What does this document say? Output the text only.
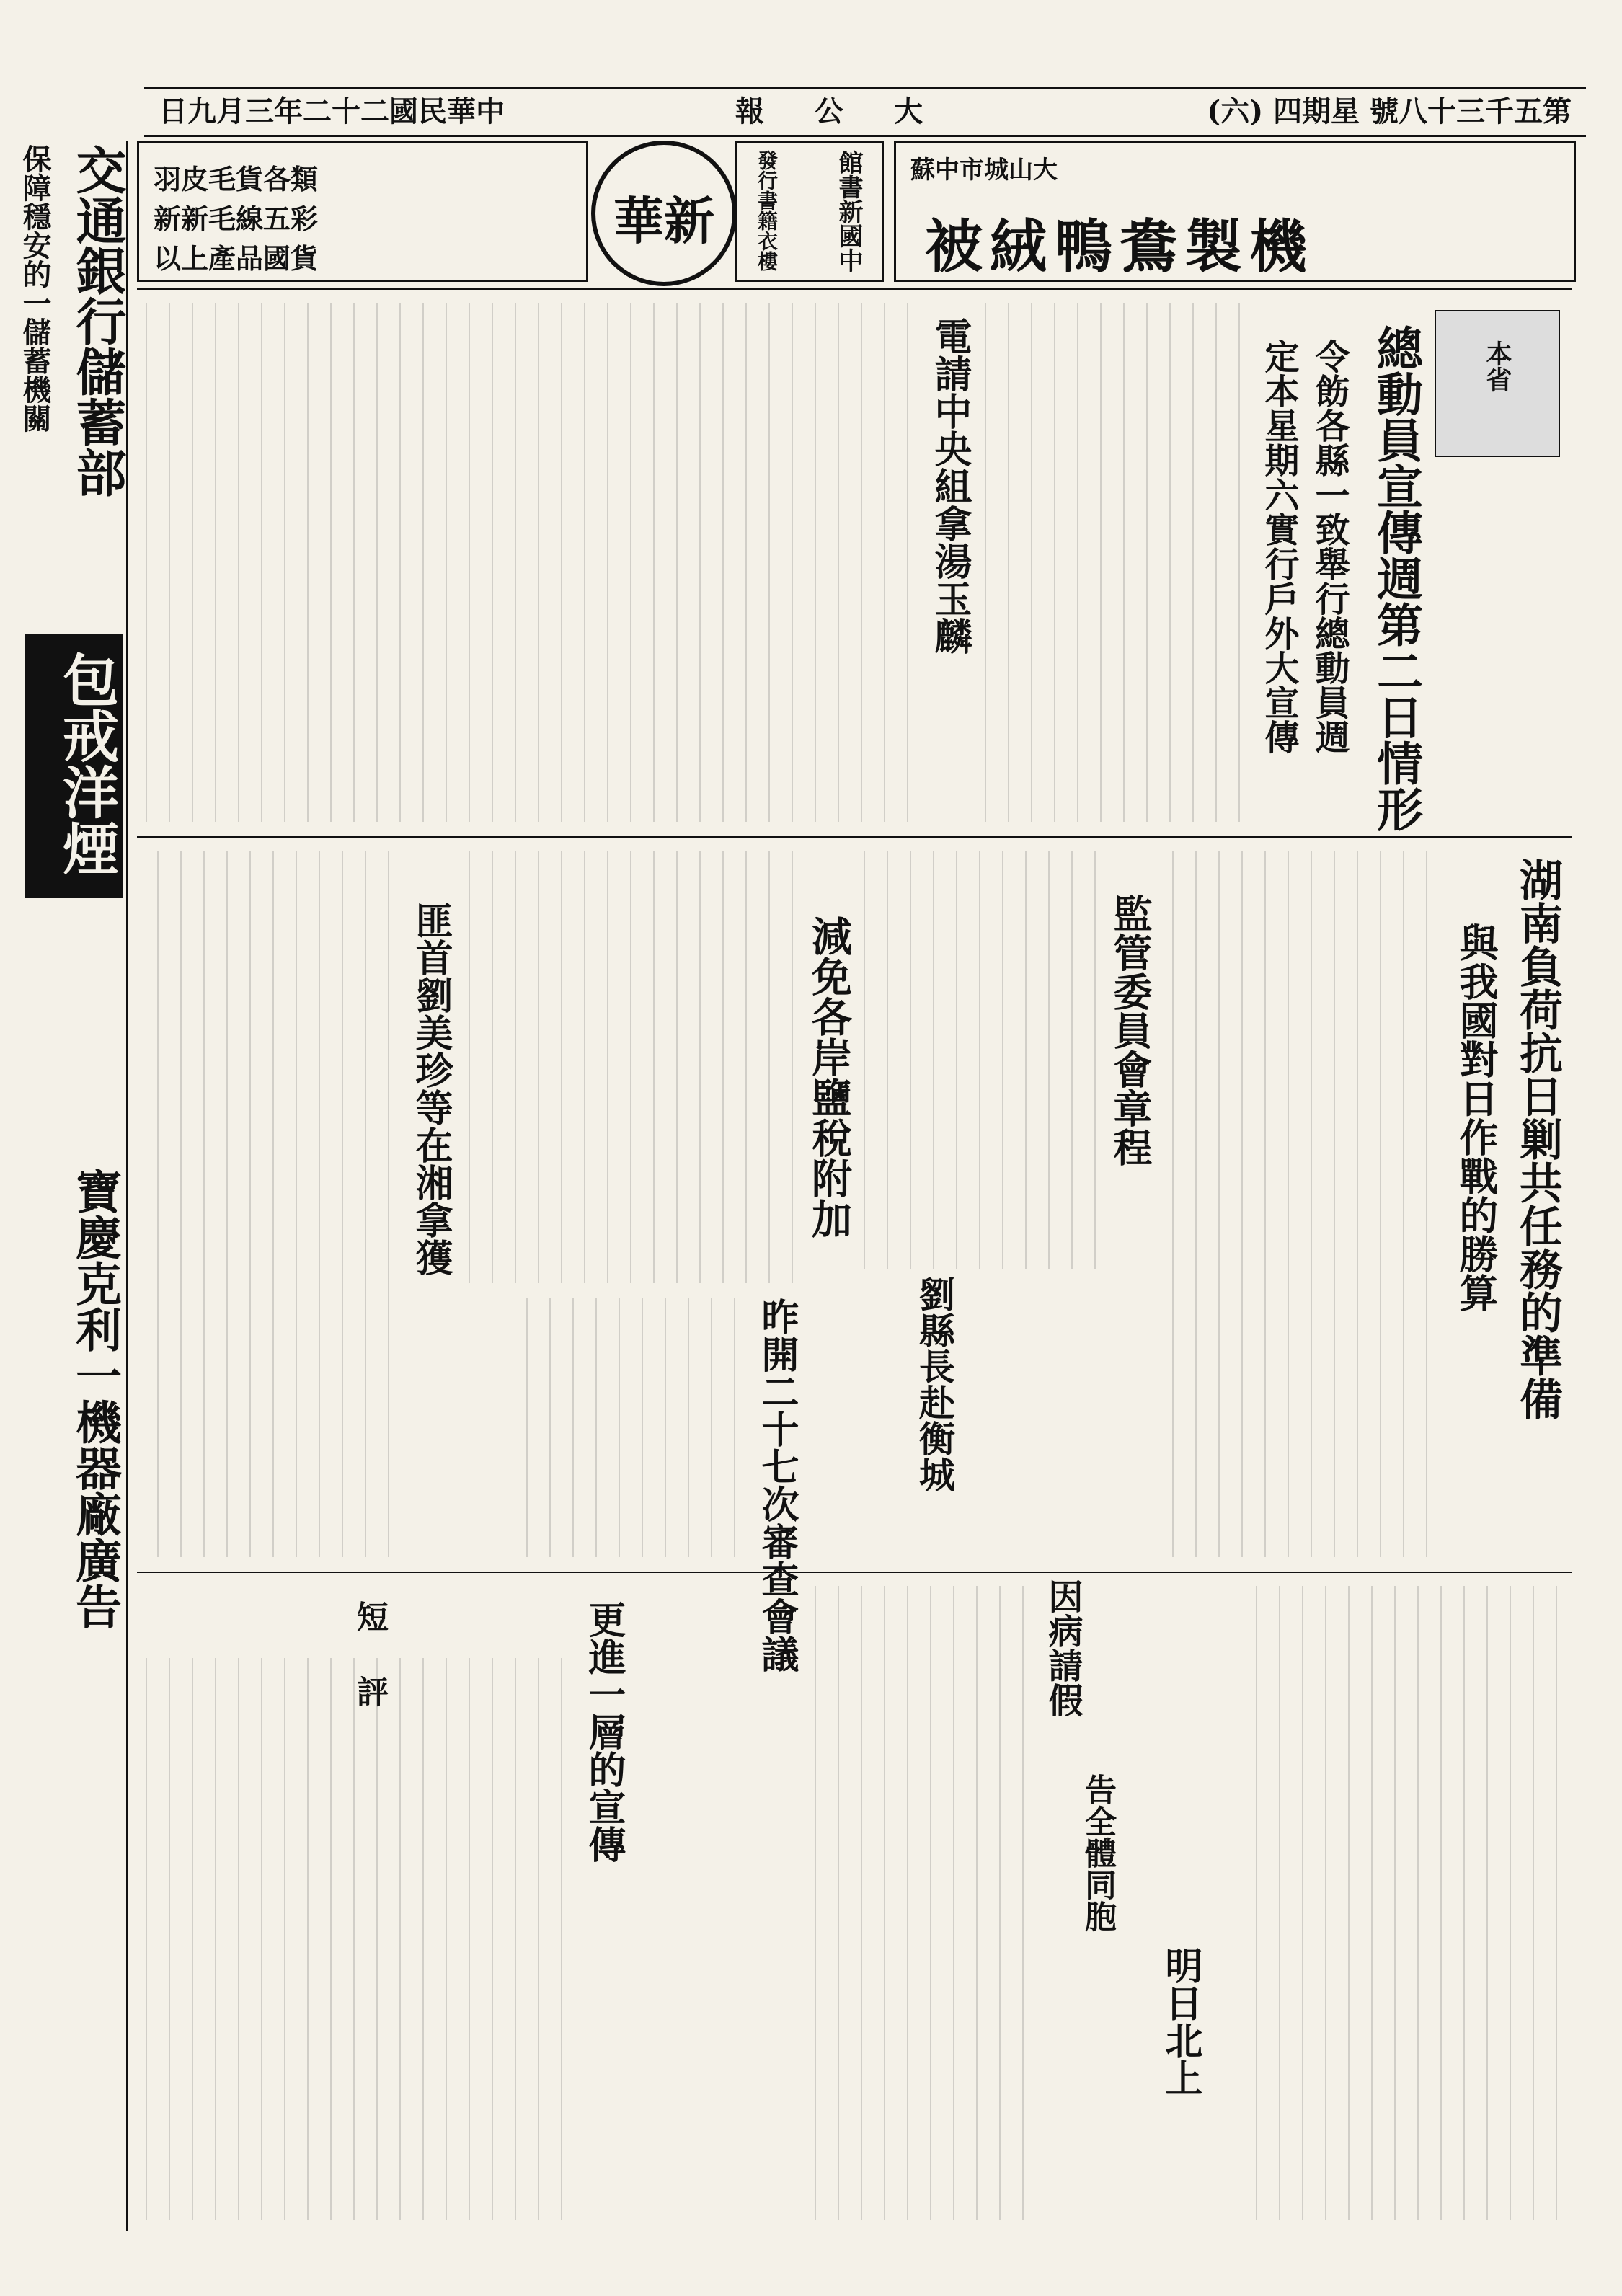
日九月三年二十二國民華中	報公大	(六) 四期星 號八十三千五第
被絨鴨鴦製機
蘇中市城山大
館書新國中
發行書籍衣樓
華新
羽皮毛貨各類
新新毛線五彩
以上產品國貨
交通銀行儲蓄部
保障穩安的一儲蓄機關
包戒洋煙
寶慶克利一機器廠廣告
本省
總動員宣傳週第二日情形
令飭各縣一致舉行總動員週
定本星期六實行戶外大宣傳
湖南負荷抗日剿共任務的準備
與我國對日作戰的勝算
電請中央組拿湯玉麟
監管委員會章程
減免各岸鹽稅附加
匪首劉美珍等在湘拿獲
昨開二十七次審查會議	劉縣長赴衡城
因病請假
告全體同胞
明日北上
更進一層的宣傳
短評
